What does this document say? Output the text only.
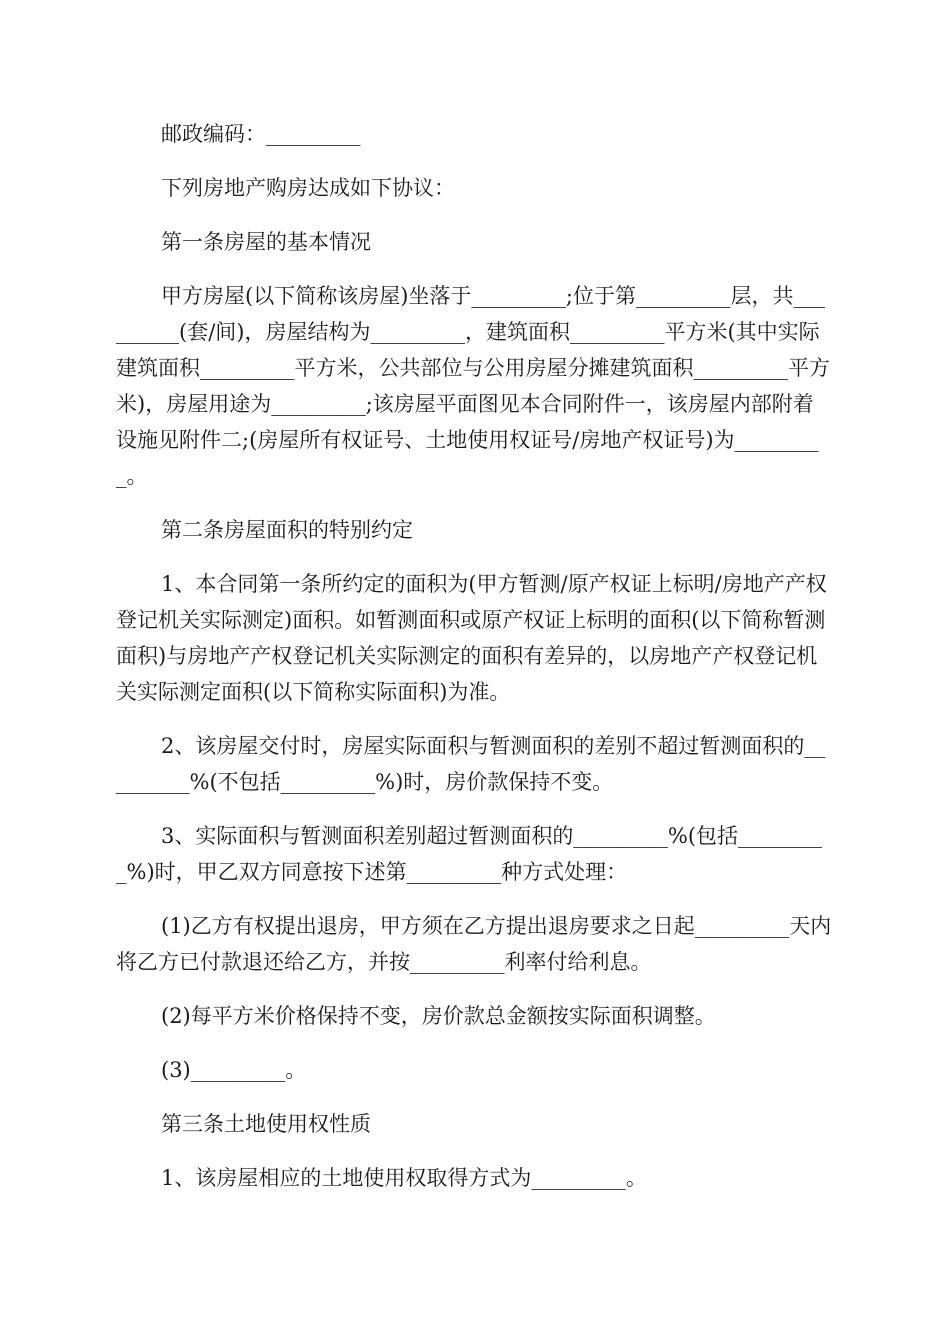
邮政编码：_________

下列房地产购房达成如下协议：

第一条房屋的基本情况

甲方房屋(以下简称该房屋)坐落于_________;位于第_________层，共_________(套/间)，房屋结构为_________，建筑面积_________平方米(其中实际建筑面积_________平方米，公共部位与公用房屋分摊建筑面积_________平方米)，房屋用途为_________;该房屋平面图见本合同附件一，该房屋内部附着设施见附件二;(房屋所有权证号、土地使用权证号/房地产权证号)为_________。

第二条房屋面积的特别约定

1、本合同第一条所约定的面积为(甲方暂测/原产权证上标明/房地产产权登记机关实际测定)面积。如暂测面积或原产权证上标明的面积(以下简称暂测面积)与房地产产权登记机关实际测定的面积有差异的，以房地产产权登记机关实际测定面积(以下简称实际面积)为准。

2、该房屋交付时，房屋实际面积与暂测面积的差别不超过暂测面积的_________%(不包括_________%)时，房价款保持不变。

3、实际面积与暂测面积差别超过暂测面积的_________%(包括_________%)时，甲乙双方同意按下述第_________种方式处理：

(1)乙方有权提出退房，甲方须在乙方提出退房要求之日起_________天内将乙方已付款退还给乙方，并按_________利率付给利息。

(2)每平方米价格保持不变，房价款总金额按实际面积调整。

(3)_________。

第三条土地使用权性质

1、该房屋相应的土地使用权取得方式为_________。
